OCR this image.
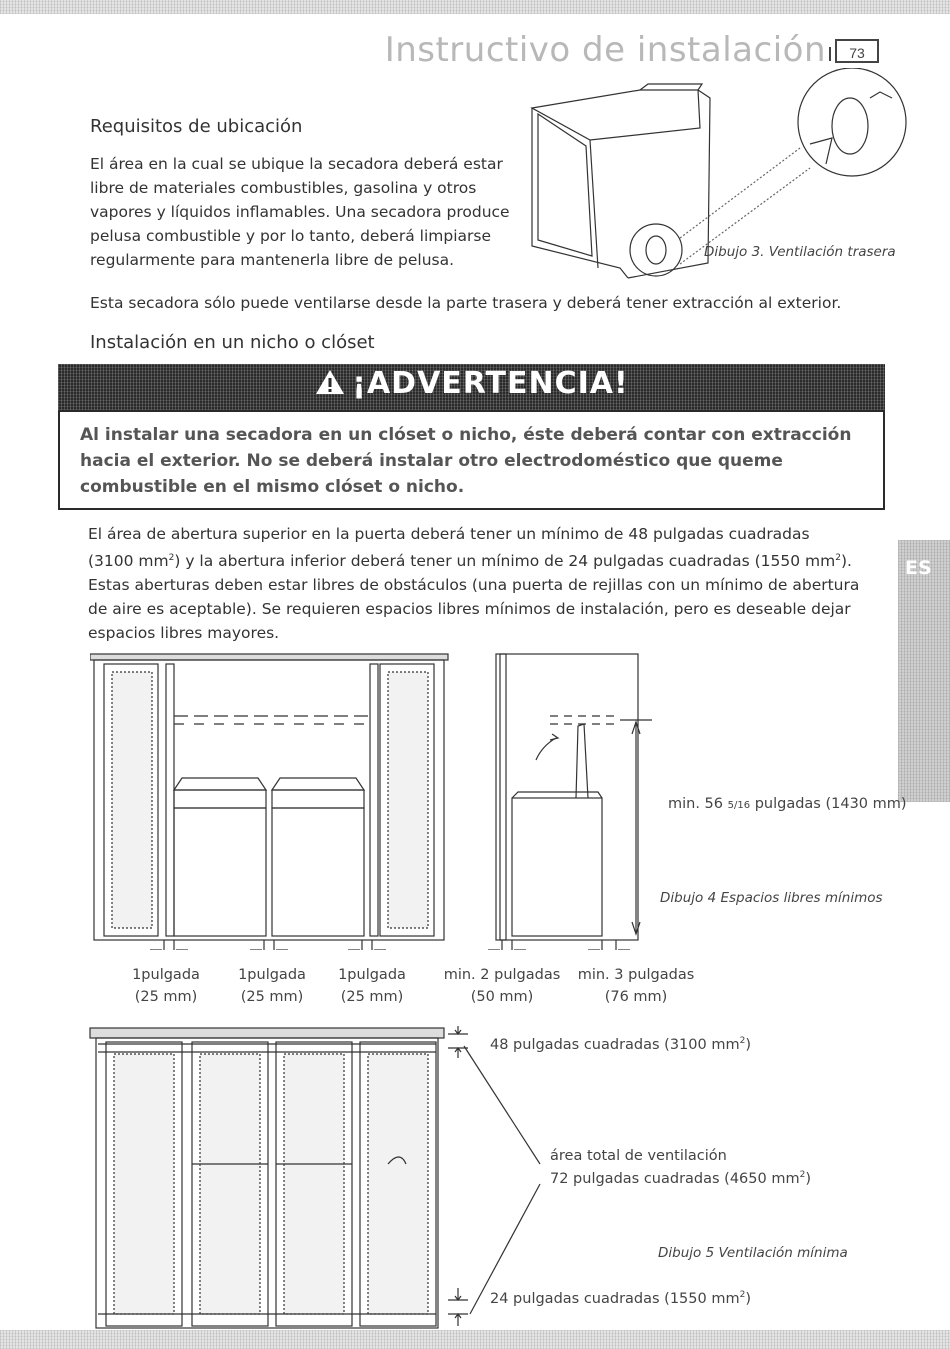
Instructivo de instalación	73
Requisitos de ubicación
El área en la cual se ubique la secadora deberá estar
libre de materiales combustibles, gasolina y otros
vapores y líquidos inflamables. Una secadora produce
pelusa combustible y por lo tanto, deberá limpiarse
regularmente para mantenerla libre de pelusa.	Dibujo 3. Ventilación trasera
Esta secadora sólo puede ventilarse desde la parte trasera y deberá tener extracción al exterior.
Instalación en un nicho o clóset
¡ADVERTENCIA!
Al instalar una secadora en un clóset o nicho, éste deberá contar con extracción
hacia el exterior. No se deberá instalar otro electrodoméstico que queme
combustible en el mismo clóset o nicho.
El área de abertura superior en la puerta deberá tener un mínimo de 48 pulgadas cuadradas
(3100 $mm^2$) y la abertura inferior deberá tener un mínimo de 24 pulgadas cuadradas (1550 $mm^2$).
Estas aberturas deben estar libres de obstáculos (una puerta de rejillas con un mínimo de abertura
de aire es aceptable). Se requieren espacios libres mínimos de instalación, pero es deseable dejar
espacios libres mayores.
ES
min. 56 5/16 pulgadas (1430 mm)
Dibujo 4 Espacios libres mínimos
1pulgada
(25 mm)
1pulgada
(25 mm)
1pulgada
(25 mm)
min. 2 pulgadas
(50 mm)
min. 3 pulgadas
(76 mm)
48 pulgadas cuadradas (3100 $mm^2$)
área total de ventilación
72 pulgadas cuadradas (4650 $mm^2$)
Dibujo 5 Ventilación mínima
24 pulgadas cuadradas (1550 $mm^2$)
